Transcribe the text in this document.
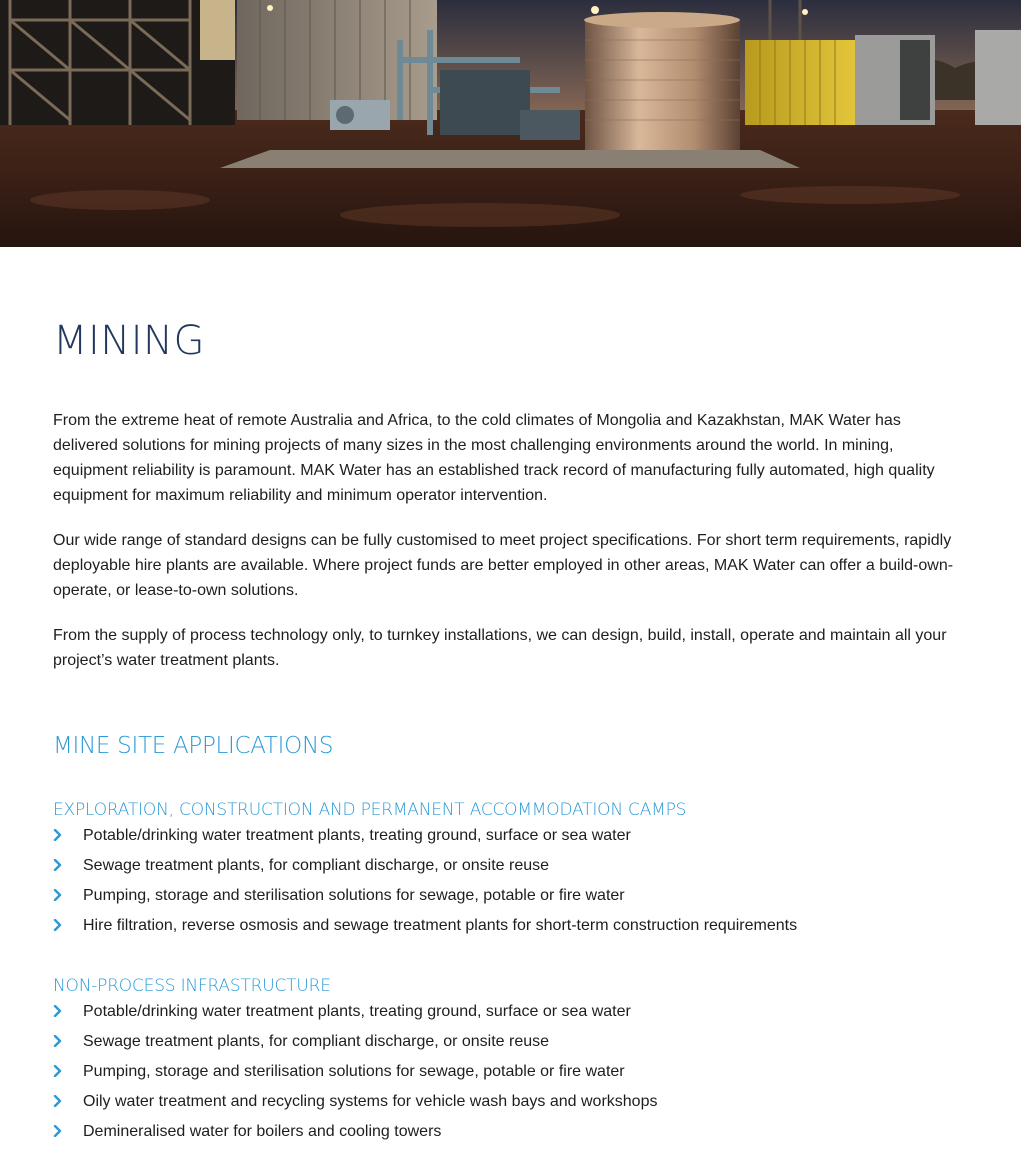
MINING

From the extreme heat of remote Australia and Africa, to the cold climates of Mongolia and Kazakhstan, MAK Water has delivered solutions for mining projects of many sizes in the most challenging environments around the world. In mining, equipment reliability is paramount. MAK Water has an established track record of manufacturing fully automated, high quality equipment for maximum reliability and minimum operator intervention.

Our wide range of standard designs can be fully customised to meet project specifications. For short term requirements, rapidly deployable hire plants are available. Where project funds are better employed in other areas, MAK Water can offer a build-own-operate, or lease-to-own solutions.

From the supply of process technology only, to turnkey installations, we can design, build, install, operate and maintain all your project’s water treatment plants.

MINE SITE APPLICATIONS
EXPLORATION, CONSTRUCTION AND PERMANENT ACCOMMODATION CAMPS
Potable/drinking water treatment plants, treating ground, surface or sea water
Sewage treatment plants, for compliant discharge, or onsite reuse
Pumping, storage and sterilisation solutions for sewage, potable or fire water
Hire filtration, reverse osmosis and sewage treatment plants for short-term construction requirements
NON-PROCESS INFRASTRUCTURE
Potable/drinking water treatment plants, treating ground, surface or sea water
Sewage treatment plants, for compliant discharge, or onsite reuse
Pumping, storage and sterilisation solutions for sewage, potable or fire water
Oily water treatment and recycling systems for vehicle wash bays and workshops
Demineralised water for boilers and cooling towers
